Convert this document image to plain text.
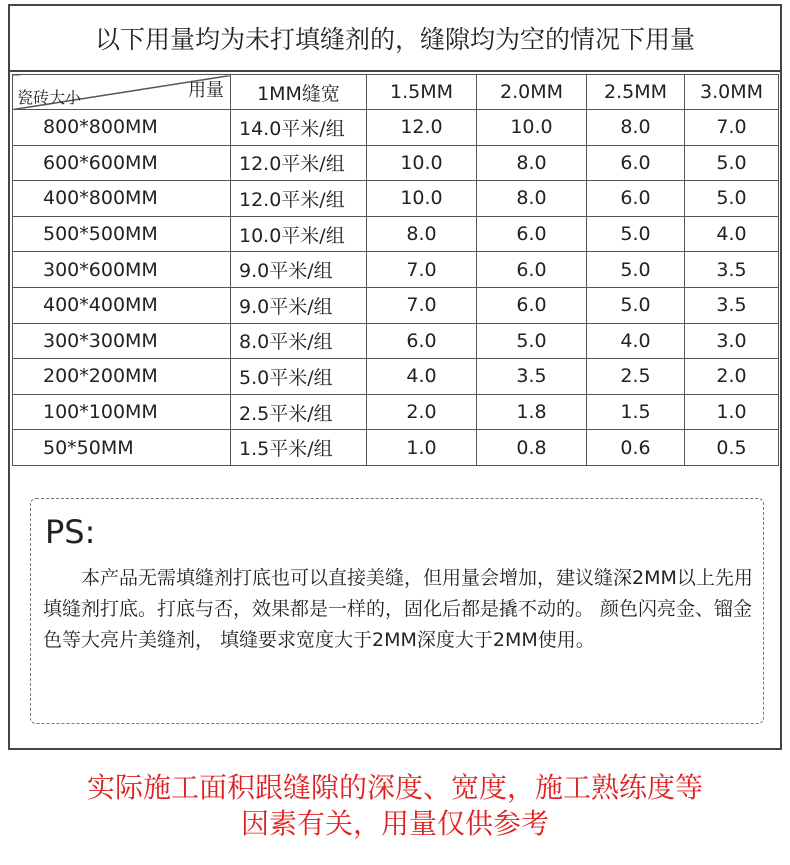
以下用量均为未打填缝剂的，缝隙均为空的情况下用量
用量
瓷砖大小	1MM缝宽	1.5MM	2.0MM	2.5MM	3.0MM
800*800MM	14.0平米/组	12.0	10.0	8.0	7.0
600*600MM	12.0平米/组	10.0	8.0	6.0	5.0
400*800MM	12.0平米/组	10.0	8.0	6.0	5.0
500*500MM	10.0平米/组	8.0	6.0	5.0	4.0
300*600MM	9.0平米/组	7.0	6.0	5.0	3.5
400*400MM	9.0平米/组	7.0	6.0	5.0	3.5
300*300MM	8.0平米/组	6.0	5.0	4.0	3.0
200*200MM	5.0平米/组	4.0	3.5	2.5	2.0
100*100MM	2.5平米/组	2.0	1.8	1.5	1.0
50*50MM	1.5平米/组	1.0	0.8	0.6	0.5
PS:
本产品无需填缝剂打底也可以直接美缝，但用量会增加，建议缝深2MM以上先用填缝剂打底。打底与否，效果都是一样的，固化后都是撬不动的。 颜色闪亮金、镏金色等大亮片美缝剂， 填缝要求宽度大于2MM深度大于2MM使用。
实际施工面积跟缝隙的深度、宽度，施工熟练度等
因素有关，用量仅供参考
